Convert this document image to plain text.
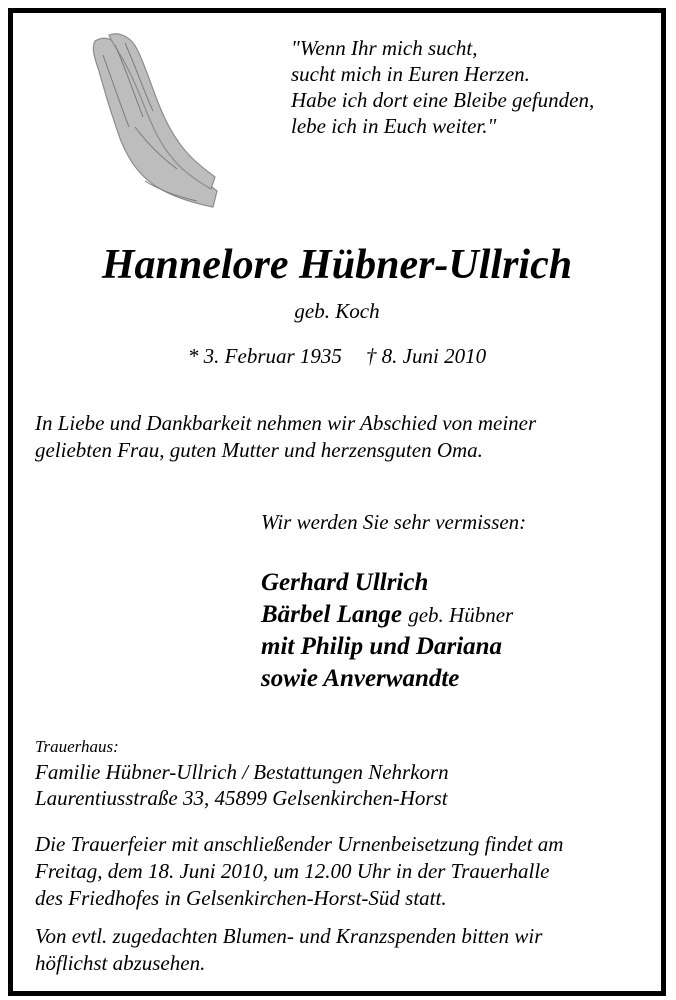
"Wenn Ihr mich sucht,
sucht mich in Euren Herzen.
Habe ich dort eine Bleibe gefunden,
lebe ich in Euch weiter."
Hannelore Hübner-Ullrich
geb. Koch
* 3. Februar 1935 † 8. Juni 2010
In Liebe und Dankbarkeit nehmen wir Abschied von meiner
geliebten Frau, guten Mutter und herzensguten Oma.
Wir werden Sie sehr vermissen:
Gerhard Ullrich
Bärbel Lange geb. Hübner
mit Philip und Dariana
sowie Anverwandte
Trauerhaus:
Familie Hübner-Ullrich / Bestattungen Nehrkorn
Laurentiusstraße 33, 45899 Gelsenkirchen-Horst
Die Trauerfeier mit anschließender Urnenbeisetzung findet am
Freitag, dem 18. Juni 2010, um 12.00 Uhr in der Trauerhalle
des Friedhofes in Gelsenkirchen-Horst-Süd statt.
Von evtl. zugedachten Blumen- und Kranzspenden bitten wir
höflichst abzusehen.
